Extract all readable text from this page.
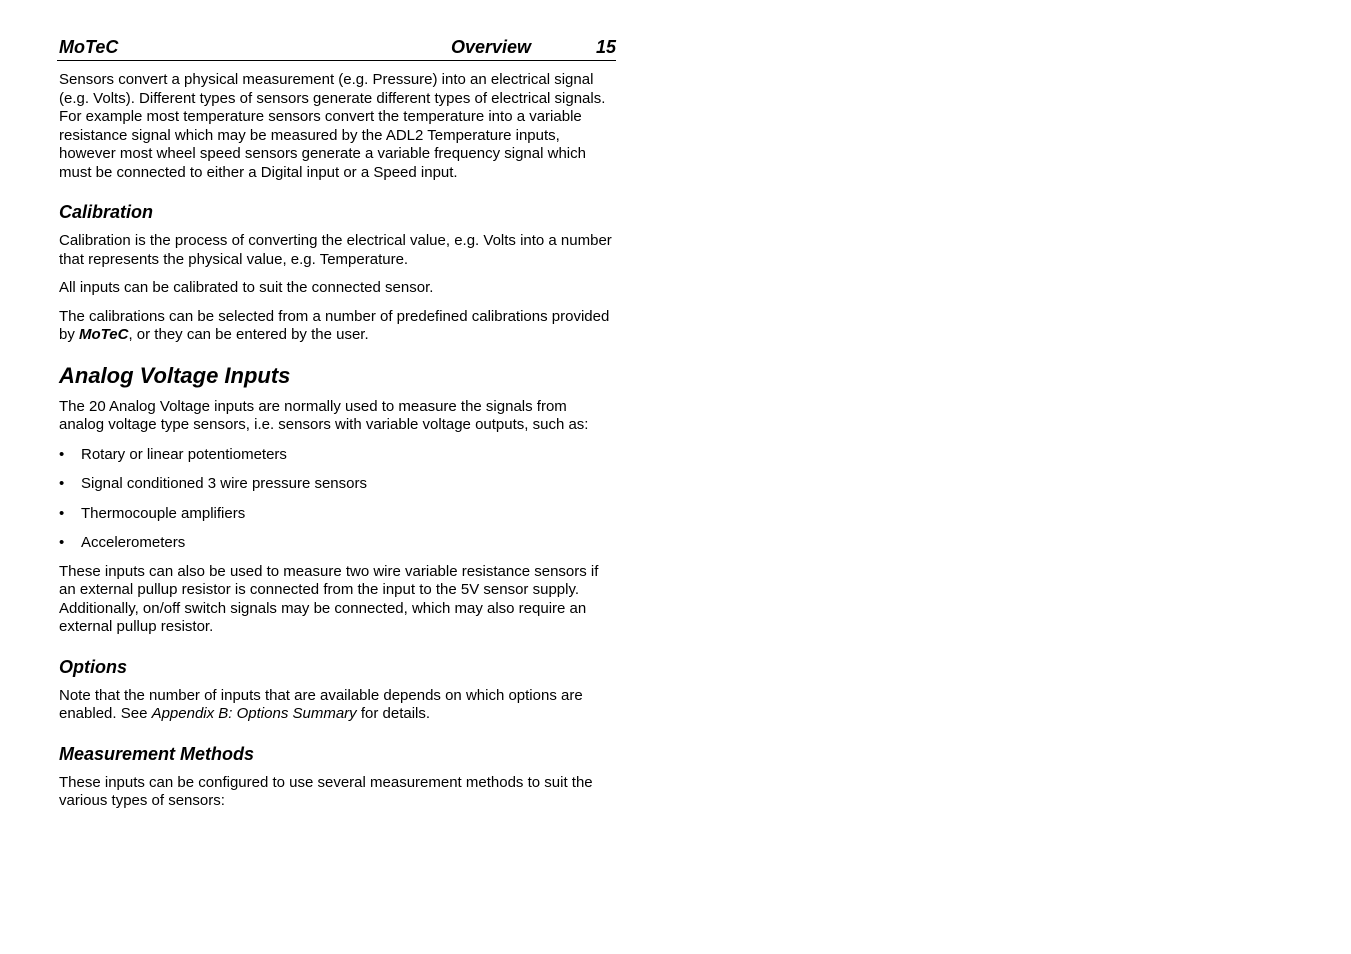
MoTeC	Overview	15

Sensors convert a physical measurement (e.g. Pressure) into an electrical signal (e.g. Volts). Different types of sensors generate different types of electrical signals. For example most temperature sensors convert the temperature into a variable resistance signal which may be measured by the ADL2 Temperature inputs, however most wheel speed sensors generate a variable frequency signal which must be connected to either a Digital input or a Speed input.

Calibration

Calibration is the process of converting the electrical value, e.g. Volts into a number that represents the physical value, e.g. Temperature.

All inputs can be calibrated to suit the connected sensor.

The calibrations can be selected from a number of predefined calibrations provided by MoTeC, or they can be entered by the user.

Analog Voltage Inputs

The 20 Analog Voltage inputs are normally used to measure the signals from analog voltage type sensors, i.e. sensors with variable voltage outputs, such as:

• Rotary or linear potentiometers
• Signal conditioned 3 wire pressure sensors
• Thermocouple amplifiers
• Accelerometers

These inputs can also be used to measure two wire variable resistance sensors if an external pullup resistor is connected from the input to the 5V sensor supply. Additionally, on/off switch signals may be connected, which may also require an external pullup resistor.

Options

Note that the number of inputs that are available depends on which options are enabled. See Appendix B: Options Summary for details.

Measurement Methods

These inputs can be configured to use several measurement methods to suit the various types of sensors:
